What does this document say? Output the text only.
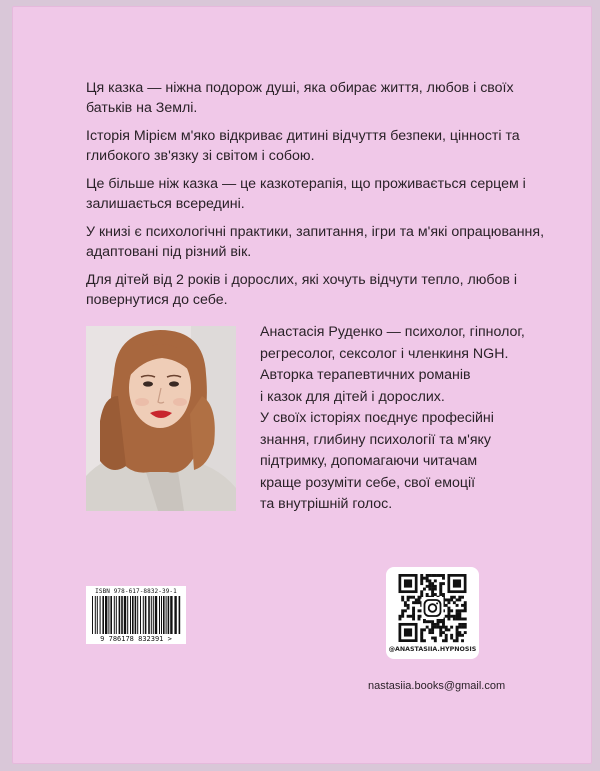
Ця казка — ніжна подорож душі, яка обирає життя, любов і своїх батьків на Землі.

Історія Мірієм м'яко відкриває дитині відчуття безпеки, цінності та глибокого зв'язку зі світом і собою.

Це більше ніж казка — це казкотерапія, що проживається серцем і залишається всередині.

У книзі є психологічні практики, запитання, ігри та м'які опрацювання, адаптовані під різний вік.

Для дітей від 2 років і дорослих, які хочуть відчути тепло, любов і повернутися до себе.

Анастасія Руденко — психолог, гіпнолог,

регресолог, сексолог і членкиня NGH.

Авторка терапевтичних романів

і казок для дітей і дорослих.

У своїх історіях поєднує професійні

знання, глибину психології та м'яку

підтримку, допомагаючи читачам

краще розуміти себе, свої емоції

та внутрішній голос.

ISBN 978-617-8832-39-1
9 786178 832391 >
@ANASTASIIA.HYPNOSIS
nastasiia.books@gmail.com
